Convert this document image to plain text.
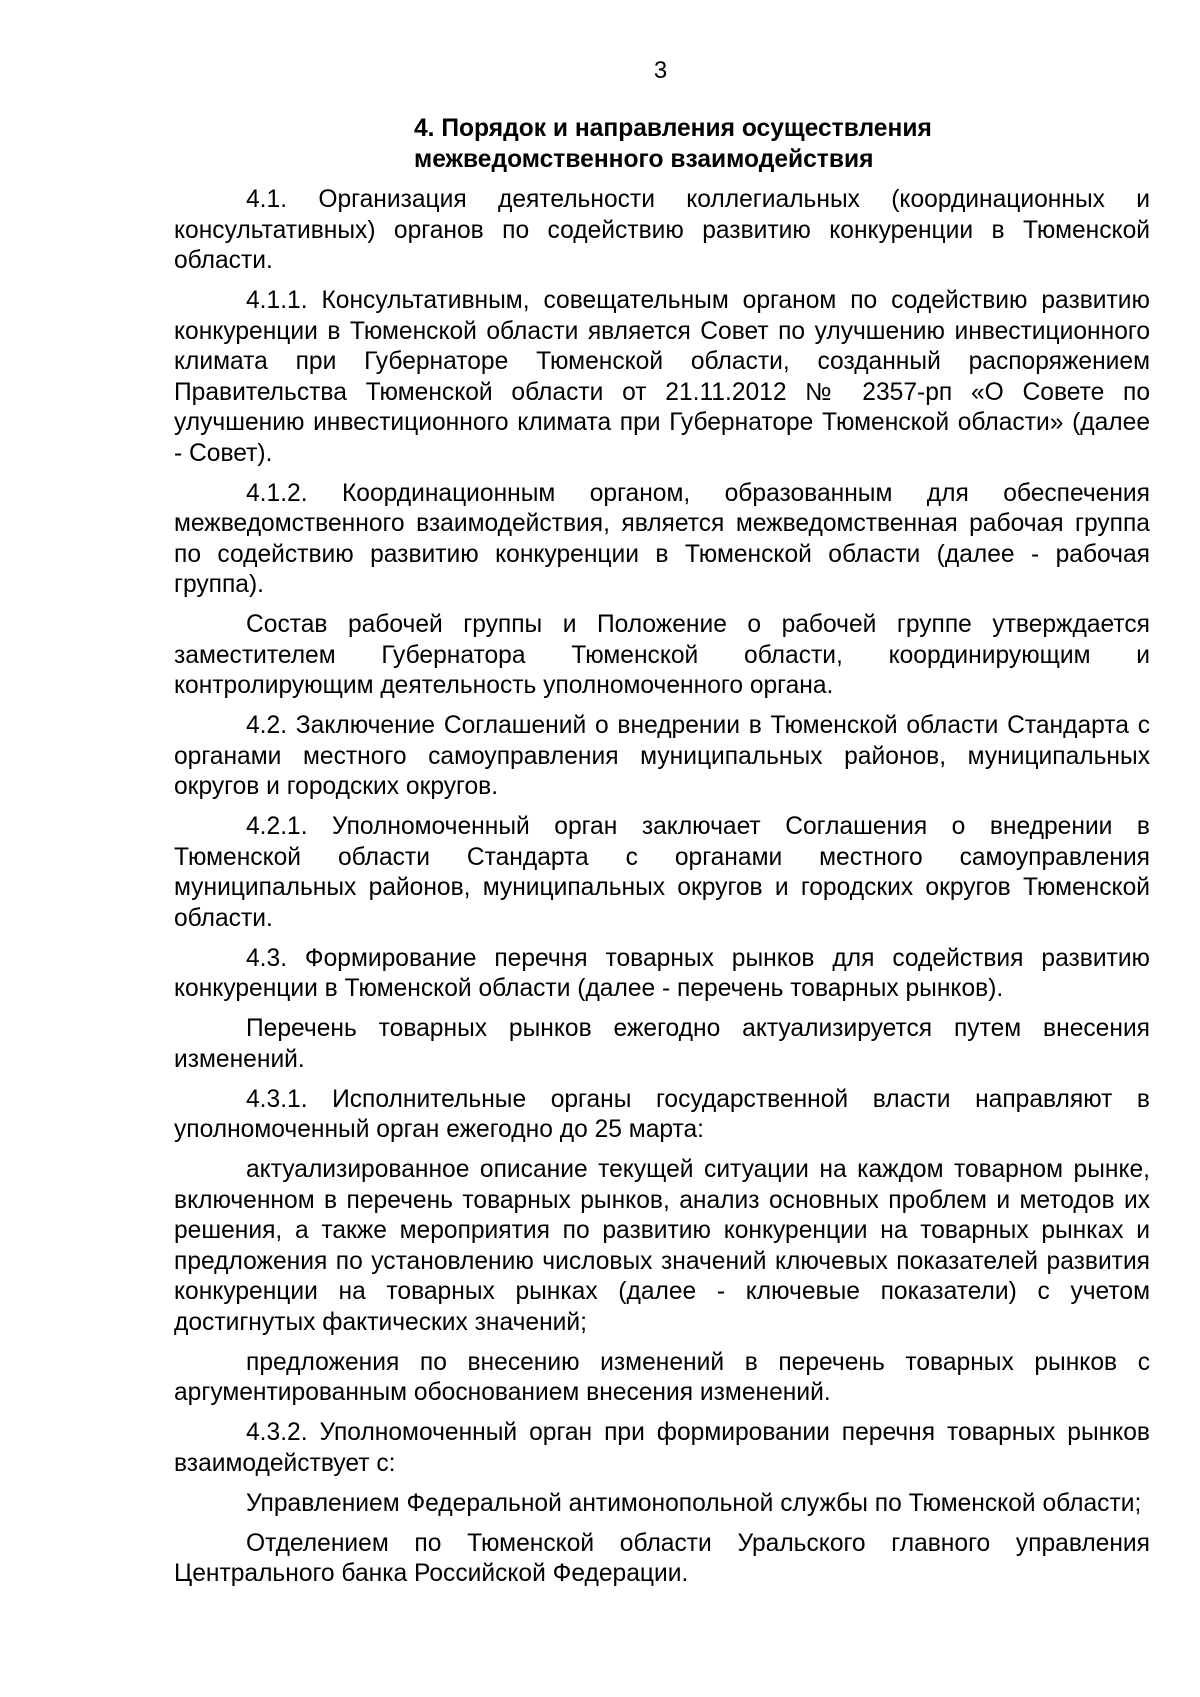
3
4. Порядок и направления осуществления
межведомственного взаимодействия

4.1. Организация деятельности коллегиальных (координационных и консультативных) органов по содействию развитию конкуренции в Тюменской области.

4.1.1. Консультативным, совещательным органом по содействию развитию конкуренции в Тюменской области является Совет по улучшению инвестиционного климата при Губернаторе Тюменской области, созданный распоряжением Правительства Тюменской области от 21.11.2012 № 2357-рп «О Совете по улучшению инвестиционного климата при Губернаторе Тюменской области» (далее - Совет).

4.1.2. Координационным органом, образованным для обеспечения межведомственного взаимодействия, является межведомственная рабочая группа по содействию развитию конкуренции в Тюменской области (далее - рабочая группа).

Состав рабочей группы и Положение о рабочей группе утверждается заместителем Губернатора Тюменской области, координирующим и контролирующим деятельность уполномоченного органа.

4.2. Заключение Соглашений о внедрении в Тюменской области Стандарта с органами местного самоуправления муниципальных районов, муниципальных округов и городских округов.

4.2.1. Уполномоченный орган заключает Соглашения о внедрении в Тюменской области Стандарта с органами местного самоуправления муниципальных районов, муниципальных округов и городских округов Тюменской области.

4.3. Формирование перечня товарных рынков для содействия развитию конкуренции в Тюменской области (далее - перечень товарных рынков).

Перечень товарных рынков ежегодно актуализируется путем внесения изменений.

4.3.1. Исполнительные органы государственной власти направляют в уполномоченный орган ежегодно до 25 марта:

актуализированное описание текущей ситуации на каждом товарном рынке, включенном в перечень товарных рынков, анализ основных проблем и методов их решения, а также мероприятия по развитию конкуренции на товарных рынках и предложения по установлению числовых значений ключевых показателей развития конкуренции на товарных рынках (далее - ключевые показатели) с учетом достигнутых фактических значений;

предложения по внесению изменений в перечень товарных рынков с аргументированным обоснованием внесения изменений.

4.3.2. Уполномоченный орган при формировании перечня товарных рынков взаимодействует с:

Управлением Федеральной антимонопольной службы по Тюменской области;

Отделением по Тюменской области Уральского главного управления Центрального банка Российской Федерации.
